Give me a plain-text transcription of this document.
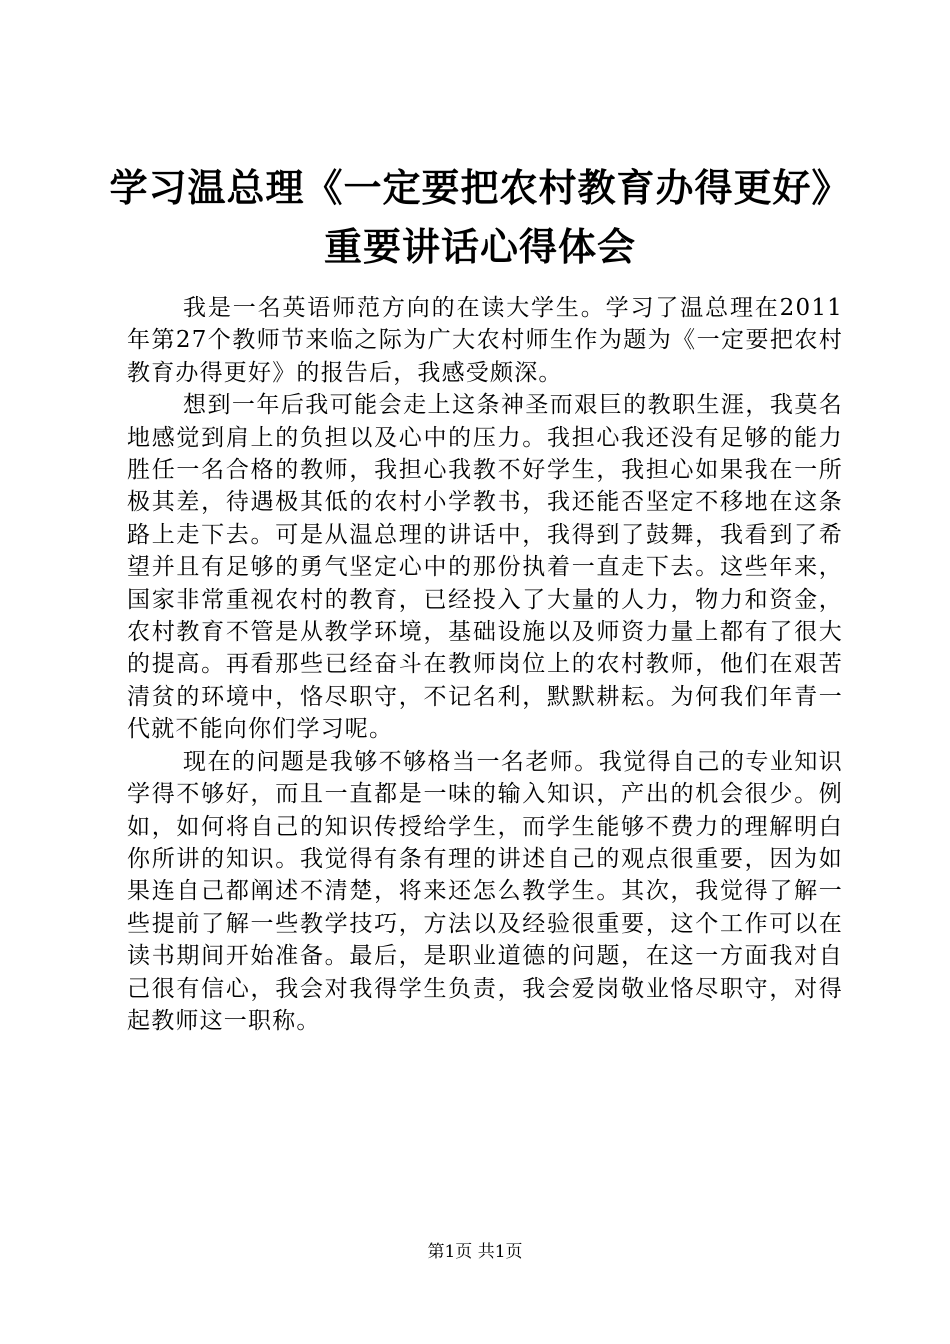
学习温总理《一定要把农村教育办得更好》重要讲话心得体会

我是一名英语师范方向的在读大学生。学习了温总理在2011年第27个教师节来临之际为广大农村师生作为题为《一定要把农村教育办得更好》的报告后，我感受颇深。

想到一年后我可能会走上这条神圣而艰巨的教职生涯，我莫名地感觉到肩上的负担以及心中的压力。我担心我还没有足够的能力胜任一名合格的教师，我担心我教不好学生，我担心如果我在一所极其差，待遇极其低的农村小学教书，我还能否坚定不移地在这条路上走下去。可是从温总理的讲话中，我得到了鼓舞，我看到了希望并且有足够的勇气坚定心中的那份执着一直走下去。这些年来，国家非常重视农村的教育，已经投入了大量的人力，物力和资金，农村教育不管是从教学环境，基础设施以及师资力量上都有了很大的提高。再看那些已经奋斗在教师岗位上的农村教师，他们在艰苦清贫的环境中，恪尽职守，不记名利，默默耕耘。为何我们年青一代就不能向你们学习呢。

现在的问题是我够不够格当一名老师。我觉得自己的专业知识学得不够好，而且一直都是一味的输入知识，产出的机会很少。例如，如何将自己的知识传授给学生，而学生能够不费力的理解明白你所讲的知识。我觉得有条有理的讲述自己的观点很重要，因为如果连自己都阐述不清楚，将来还怎么教学生。其次，我觉得了解一些提前了解一些教学技巧，方法以及经验很重要，这个工作可以在读书期间开始准备。最后，是职业道德的问题，在这一方面我对自己很有信心，我会对我得学生负责，我会爱岗敬业恪尽职守，对得起教师这一职称。

第1页 共1页
